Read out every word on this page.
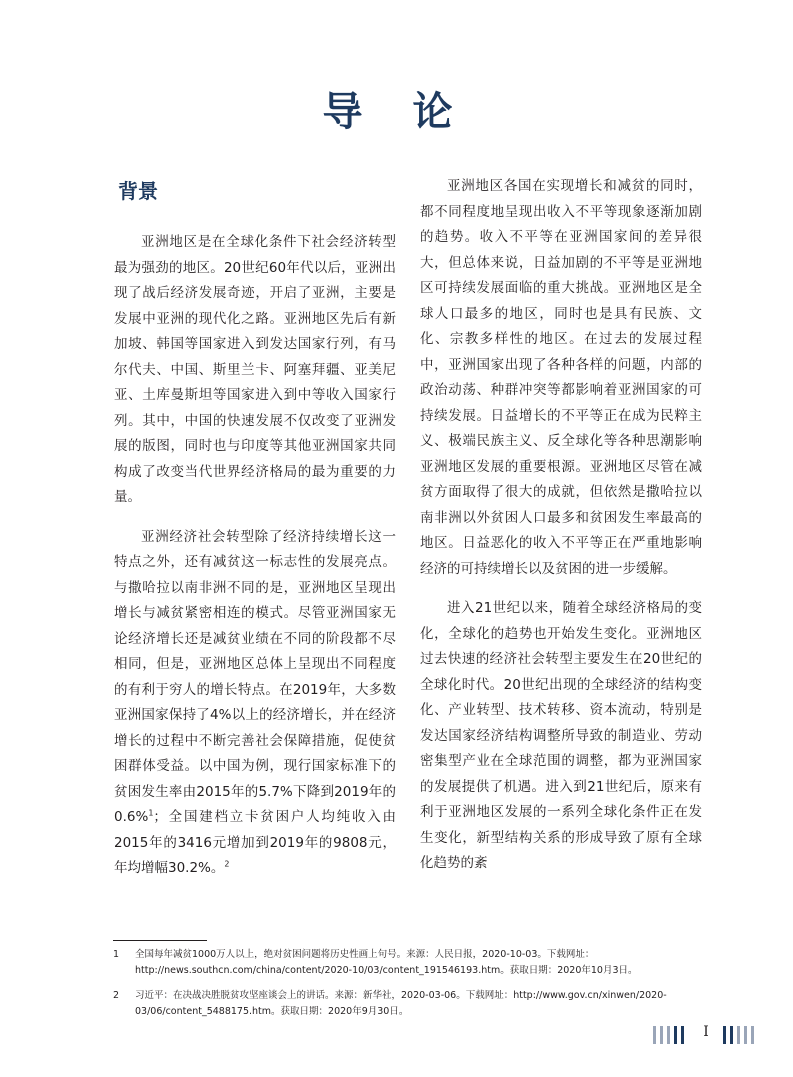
导 论
背景

亚洲地区是在全球化条件下社会经济转型最为强劲的地区。20世纪60年代以后，亚洲出现了战后经济发展奇迹，开启了亚洲，主要是发展中亚洲的现代化之路。亚洲地区先后有新加坡、韩国等国家进入到发达国家行列，有马尔代夫、中国、斯里兰卡、阿塞拜疆、亚美尼亚、土库曼斯坦等国家进入到中等收入国家行列。其中，中国的快速发展不仅改变了亚洲发展的版图，同时也与印度等其他亚洲国家共同构成了改变当代世界经济格局的最为重要的力量。

亚洲经济社会转型除了经济持续增长这一特点之外，还有减贫这一标志性的发展亮点。与撒哈拉以南非洲不同的是，亚洲地区呈现出增长与减贫紧密相连的模式。尽管亚洲国家无论经济增长还是减贫业绩在不同的阶段都不尽相同，但是，亚洲地区总体上呈现出不同程度的有利于穷人的增长特点。在2019年，大多数亚洲国家保持了4%以上的经济增长，并在经济增长的过程中不断完善社会保障措施，促使贫困群体受益。以中国为例，现行国家标准下的贫困发生率由2015年的5.7%下降到2019年的0.6%$^1$；全国建档立卡贫困户人均纯收入由2015年的3416元增加到2019年的9808元，年均增幅30.2%。$^2$

亚洲地区各国在实现增长和减贫的同时，都不同程度地呈现出收入不平等现象逐渐加剧的趋势。收入不平等在亚洲国家间的差异很大，但总体来说，日益加剧的不平等是亚洲地区可持续发展面临的重大挑战。亚洲地区是全球人口最多的地区，同时也是具有民族、文化、宗教多样性的地区。在过去的发展过程中，亚洲国家出现了各种各样的问题，内部的政治动荡、种群冲突等都影响着亚洲国家的可持续发展。日益增长的不平等正在成为民粹主义、极端民族主义、反全球化等各种思潮影响亚洲地区发展的重要根源。亚洲地区尽管在减贫方面取得了很大的成就，但依然是撒哈拉以南非洲以外贫困人口最多和贫困发生率最高的地区。日益恶化的收入不平等正在严重地影响经济的可持续增长以及贫困的进一步缓解。

进入21世纪以来，随着全球经济格局的变化，全球化的趋势也开始发生变化。亚洲地区过去快速的经济社会转型主要发生在20世纪的全球化时代。20世纪出现的全球经济的结构变化、产业转型、技术转移、资本流动，特别是发达国家经济结构调整所导致的制造业、劳动密集型产业在全球范围的调整，都为亚洲国家的发展提供了机遇。进入到21世纪后，原来有利于亚洲地区发展的一系列全球化条件正在发生变化，新型结构关系的形成导致了原有全球化趋势的紊

1 全国每年减贫1000万人以上，绝对贫困问题将历史性画上句号。来源：人民日报，2020-10-03。下载网址：http://news.southcn.com/china/content/2020-10/03/content_191546193.htm。获取日期：2020年10月3日。
2 习近平：在决战决胜脱贫攻坚座谈会上的讲话。来源：新华社，2020-03-06。下载网址：http://www.gov.cn/xinwen/2020-03/06/content_5488175.htm。获取日期：2020年9月30日。
I
